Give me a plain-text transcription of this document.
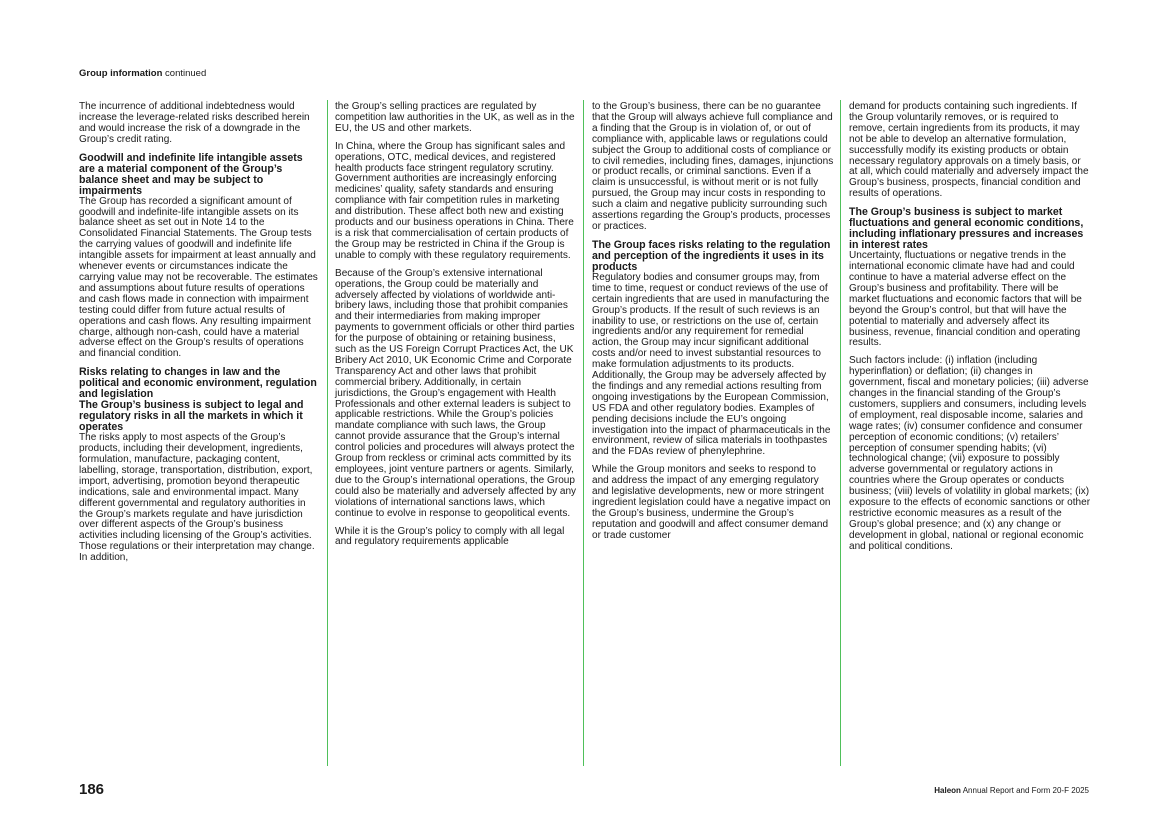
Group information continued

The incurrence of additional indebtedness would increase the leverage-related risks described herein and would increase the risk of a downgrade in the Group’s credit rating.

Goodwill and indefinite life intangible assets are a material component of the Group’s balance sheet and may be subject to impairments

The Group has recorded a significant amount of goodwill and indefinite-life intangible assets on its balance sheet as set out in Note 14 to the Consolidated Financial Statements. The Group tests the carrying values of goodwill and indefinite life intangible assets for impairment at least annually and whenever events or circumstances indicate the carrying value may not be recoverable. The estimates and assumptions about future results of operations and cash flows made in connection with impairment testing could differ from future actual results of operations and cash flows. Any resulting impairment charge, although non-cash, could have a material adverse effect on the Group’s results of operations and financial condition.

Risks relating to changes in law and the political and economic environment, regulation and legislation
The Group’s business is subject to legal and regulatory risks in all the markets in which it operates

The risks apply to most aspects of the Group’s products, including their development, ingredients, formulation, manufacture, packaging content, labelling, storage, transportation, distribution, export, import, advertising, promotion beyond therapeutic indications, sale and environmental impact. Many different governmental and regulatory authorities in the Group’s markets regulate and have jurisdiction over different aspects of the Group’s business activities including licensing of the Group’s activities. Those regulations or their interpretation may change. In addition,

the Group’s selling practices are regulated by competition law authorities in the UK, as well as in the EU, the US and other markets.

In China, where the Group has significant sales and operations, OTC, medical devices, and registered health products face stringent regulatory scrutiny. Government authorities are increasingly enforcing medicines’ quality, safety standards and ensuring compliance with fair competition rules in marketing and distribution. These affect both new and existing products and our business operations in China. There is a risk that commercialisation of certain products of the Group may be restricted in China if the Group is unable to comply with these regulatory requirements.

Because of the Group’s extensive international operations, the Group could be materially and adversely affected by violations of worldwide anti-bribery laws, including those that prohibit companies and their intermediaries from making improper payments to government officials or other third parties for the purpose of obtaining or retaining business, such as the US Foreign Corrupt Practices Act, the UK Bribery Act 2010, UK Economic Crime and Corporate Transparency Act and other laws that prohibit commercial bribery. Additionally, in certain jurisdictions, the Group’s engagement with Health Professionals and other external leaders is subject to applicable restrictions. While the Group’s policies mandate compliance with such laws, the Group cannot provide assurance that the Group’s internal control policies and procedures will always protect the Group from reckless or criminal acts committed by its employees, joint venture partners or agents. Similarly, due to the Group’s international operations, the Group could also be materially and adversely affected by any violations of international sanctions laws, which continue to evolve in response to geopolitical events.

While it is the Group’s policy to comply with all legal and regulatory requirements applicable

to the Group’s business, there can be no guarantee that the Group will always achieve full compliance and a finding that the Group is in violation of, or out of compliance with, applicable laws or regulations could subject the Group to additional costs of compliance or to civil remedies, including fines, damages, injunctions or product recalls, or criminal sanctions. Even if a claim is unsuccessful, is without merit or is not fully pursued, the Group may incur costs in responding to such a claim and negative publicity surrounding such assertions regarding the Group’s products, processes or practices.

The Group faces risks relating to the regulation and perception of the ingredients it uses in its products

Regulatory bodies and consumer groups may, from time to time, request or conduct reviews of the use of certain ingredients that are used in manufacturing the Group’s products. If the result of such reviews is an inability to use, or restrictions on the use of, certain ingredients and/or any requirement for remedial action, the Group may incur significant additional costs and/or need to invest substantial resources to make formulation adjustments to its products. Additionally, the Group may be adversely affected by the findings and any remedial actions resulting from ongoing investigations by the European Commission, US FDA and other regulatory bodies. Examples of pending decisions include the EU’s ongoing investigation into the impact of pharmaceuticals in the environment, review of silica materials in toothpastes and the FDAs review of phenylephrine.

While the Group monitors and seeks to respond to and address the impact of any emerging regulatory and legislative developments, new or more stringent ingredient legislation could have a negative impact on the Group’s business, undermine the Group’s reputation and goodwill and affect consumer demand or trade customer

demand for products containing such ingredients. If the Group voluntarily removes, or is required to remove, certain ingredients from its products, it may not be able to develop an alternative formulation, successfully modify its existing products or obtain necessary regulatory approvals on a timely basis, or at all, which could materially and adversely impact the Group’s business, prospects, financial condition and results of operations.

The Group’s business is subject to market fluctuations and general economic conditions, including inflationary pressures and increases in interest rates

Uncertainty, fluctuations or negative trends in the international economic climate have had and could continue to have a material adverse effect on the Group’s business and profitability. There will be market fluctuations and economic factors that will be beyond the Group’s control, but that will have the potential to materially and adversely affect its business, revenue, financial condition and operating results.

Such factors include: (i) inflation (including hyperinflation) or deflation; (ii) changes in government, fiscal and monetary policies; (iii) adverse changes in the financial standing of the Group’s customers, suppliers and consumers, including levels of employment, real disposable income, salaries and wage rates; (iv) consumer confidence and consumer perception of economic conditions; (v) retailers’ perception of consumer spending habits; (vi) technological change; (vii) exposure to possibly adverse governmental or regulatory actions in countries where the Group operates or conducts business; (viii) levels of volatility in global markets; (ix) exposure to the effects of economic sanctions or other restrictive economic measures as a result of the Group’s global presence; and (x) any change or development in global, national or regional economic and political conditions.

186	Haleon Annual Report and Form 20-F 2025
